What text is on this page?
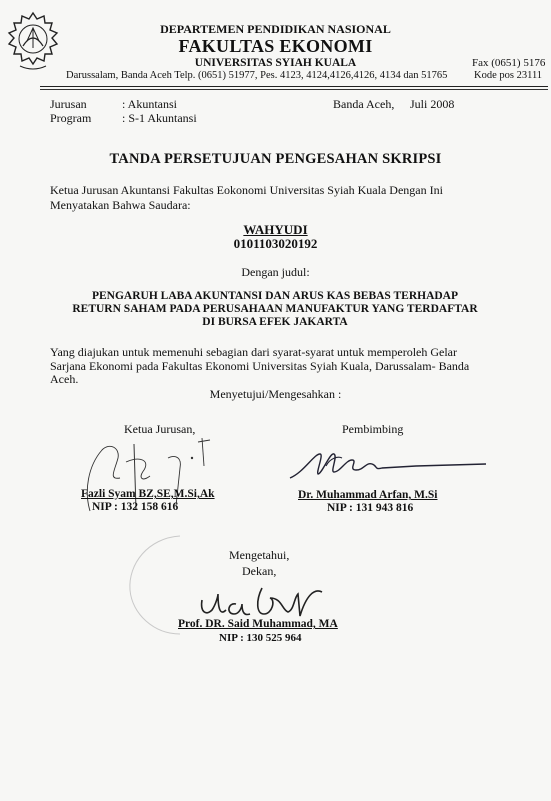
DEPARTEMEN PENDIDIKAN NASIONAL
FAKULTAS EKONOMI
UNIVERSITAS SYIAH KUALA	Fax (0651) 5176
Darussalam, Banda Aceh Telp. (0651) 51977, Pes. 4123, 4124,4126,4126, 4134 dan 51765	Kode pos 23111
Jurusan	: Akuntansi
Program	: S-1 Akuntansi
Banda Aceh, Juli 2008
TANDA PERSETUJUAN PENGESAHAN SKRIPSI
Ketua Jurusan Akuntansi Fakultas Eokonomi Universitas Syiah Kuala Dengan Ini
Menyatakan Bahwa Saudara:
WAHYUDI
0101103020192
Dengan judul:
PENGARUH LABA AKUNTANSI DAN ARUS KAS BEBAS TERHADAP
RETURN SAHAM PADA PERUSAHAAN MANUFAKTUR YANG TERDAFTAR
DI BURSA EFEK JAKARTA
Yang diajukan untuk memenuhi sebagian dari syarat-syarat untuk memperoleh Gelar
Sarjana Ekonomi pada Fakultas Ekonomi Universitas Syiah Kuala, Darussalam- Banda
Aceh.
Menyetujui/Mengesahkan :
Ketua Jurusan,	Pembimbing
Fazli Syam BZ,SE,M.Si,Ak
NIP : 132 158 616
Dr. Muhammad Arfan, M.Si
NIP : 131 943 816
Mengetahui,
Dekan,
Prof. DR. Said Muhammad, MA
NIP : 130 525 964
